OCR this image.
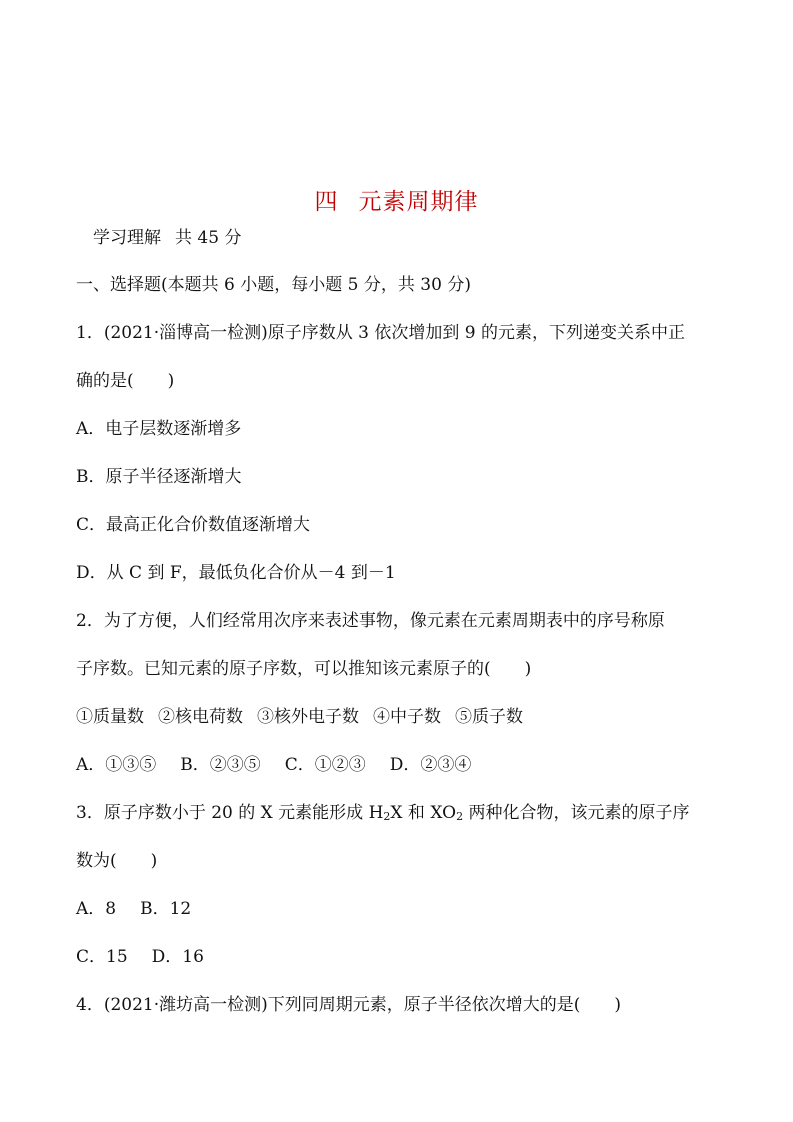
四 元素周期律
学习理解 共 45 分
一、选择题(本题共 6 小题，每小题 5 分，共 30 分)
1．(2021·淄博高一检测)原子序数从 3 依次增加到 9 的元素，下列递变关系中正
确的是(　　)
A．电子层数逐渐增多
B．原子半径逐渐增大
C．最高正化合价数值逐渐增大
D．从 C 到 F，最低负化合价从－4 到－1
2．为了方便，人们经常用次序来表述事物，像元素在元素周期表中的序号称原
子序数。已知元素的原子序数，可以推知该元素原子的(　　)
①质量数 ②核电荷数 ③核外电子数 ④中子数 ⑤质子数
A．①③⑤ B．②③⑤ C．①②③ D．②③④
3．原子序数小于 20 的 X 元素能形成 $H_2X$ 和 $XO_2$ 两种化合物，该元素的原子序
数为(　　)
A．8 B．12
C．15 D．16
4．(2021·潍坊高一检测)下列同周期元素，原子半径依次增大的是(　　)
